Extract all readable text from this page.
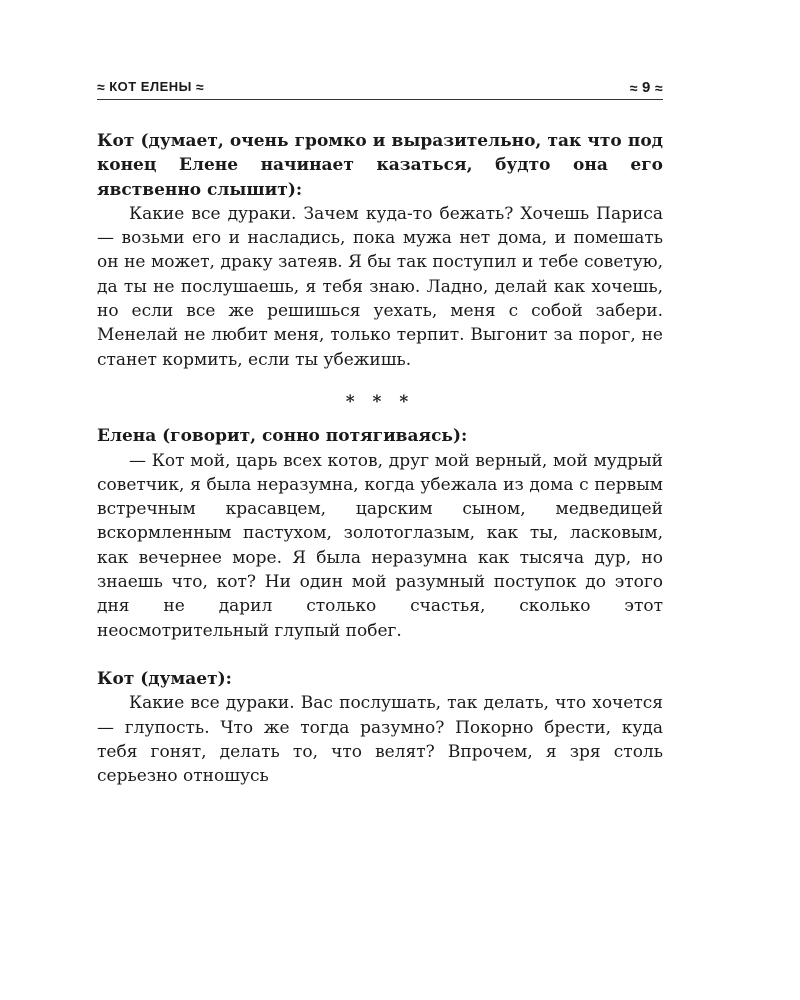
≈ КОТ ЕЛЕНЫ ≈	≈ 9 ≈

Кот (думает, очень громко и выразительно, так что под конец Елене начинает казаться, будто она его явственно слышит):

Какие все дураки. Зачем куда-то бежать? Хочешь Париса — возьми его и насладись, пока мужа нет дома, и помешать он не может, драку затеяв. Я бы так поступил и тебе советую, да ты не послушаешь, я тебя знаю. Ладно, делай как хочешь, но если все же решишься уехать, меня с собой забери. Менелай не любит меня, только терпит. Выгонит за порог, не станет кормить, если ты убежишь.

* * *

Елена (говорит, сонно потягиваясь):

— Кот мой, царь всех котов, друг мой верный, мой мудрый советчик, я была неразумна, когда убежала из дома с первым встречным красавцем, царским сыном, медведицей вскормленным пастухом, золотоглазым, как ты, ласковым, как вечернее море. Я была неразумна как тысяча дур, но знаешь что, кот? Ни один мой разумный поступок до этого дня не дарил столько счастья, сколько этот неосмотрительный глупый побег.

Кот (думает):

Какие все дураки. Вас послушать, так делать, что хочется — глупость. Что же тогда разумно? Покорно брести, куда тебя гонят, делать то, что велят? Впрочем, я зря столь серьезно отношусь
